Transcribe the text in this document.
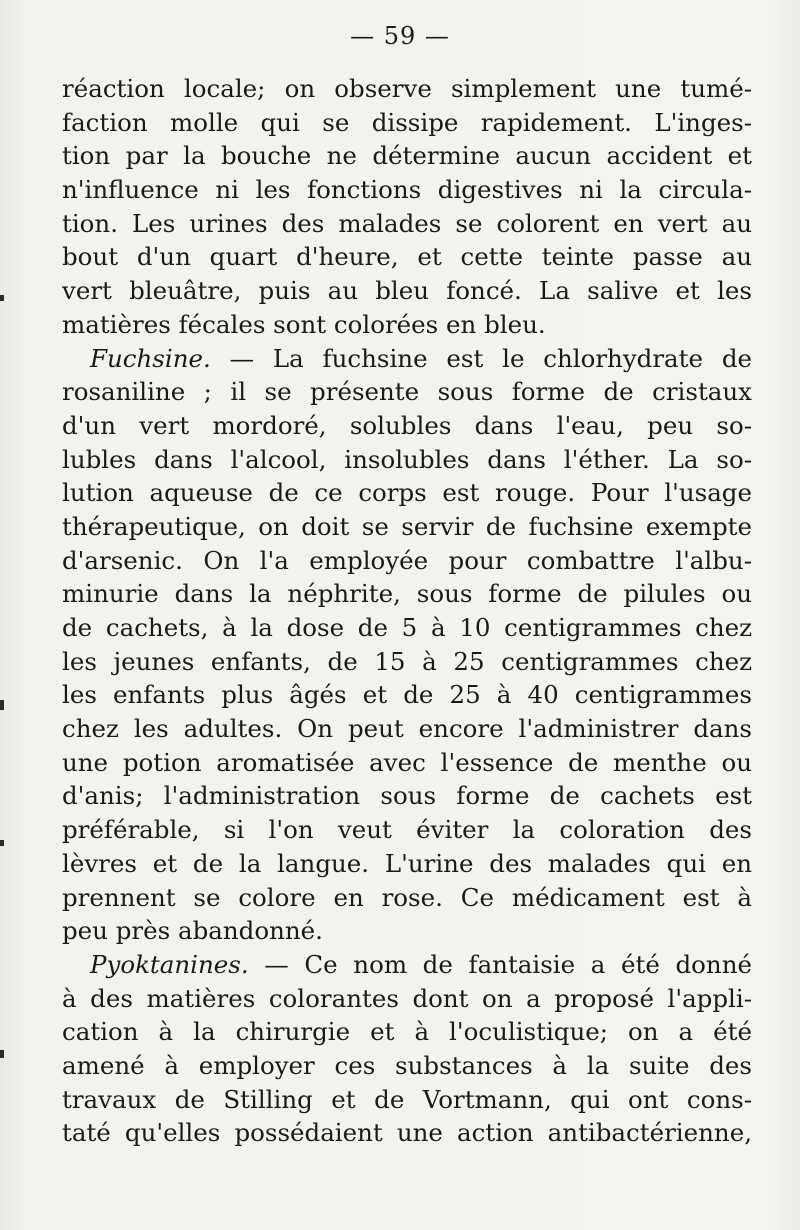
— 59 —
réaction locale; on observe simplement une tumé-
faction molle qui se dissipe rapidement. L'inges-
tion par la bouche ne détermine aucun accident et
n'influence ni les fonctions digestives ni la circula-
tion. Les urines des malades se colorent en vert au
bout d'un quart d'heure, et cette teinte passe au
vert bleuâtre, puis au bleu foncé. La salive et les
matières fécales sont colorées en bleu.
Fuchsine. — La fuchsine est le chlorhydrate de
rosaniline ; il se présente sous forme de cristaux
d'un vert mordoré, solubles dans l'eau, peu so-
lubles dans l'alcool, insolubles dans l'éther. La so-
lution aqueuse de ce corps est rouge. Pour l'usage
thérapeutique, on doit se servir de fuchsine exempte
d'arsenic. On l'a employée pour combattre l'albu-
minurie dans la néphrite, sous forme de pilules ou
de cachets, à la dose de 5 à 10 centigrammes chez
les jeunes enfants, de 15 à 25 centigrammes chez
les enfants plus âgés et de 25 à 40 centigrammes
chez les adultes. On peut encore l'administrer dans
une potion aromatisée avec l'essence de menthe ou
d'anis; l'administration sous forme de cachets est
préférable, si l'on veut éviter la coloration des
lèvres et de la langue. L'urine des malades qui en
prennent se colore en rose. Ce médicament est à
peu près abandonné.
Pyoktanines. — Ce nom de fantaisie a été donné
à des matières colorantes dont on a proposé l'appli-
cation à la chirurgie et à l'oculistique; on a été
amené à employer ces substances à la suite des
travaux de Stilling et de Vortmann, qui ont cons-
taté qu'elles possédaient une action antibactérienne,
